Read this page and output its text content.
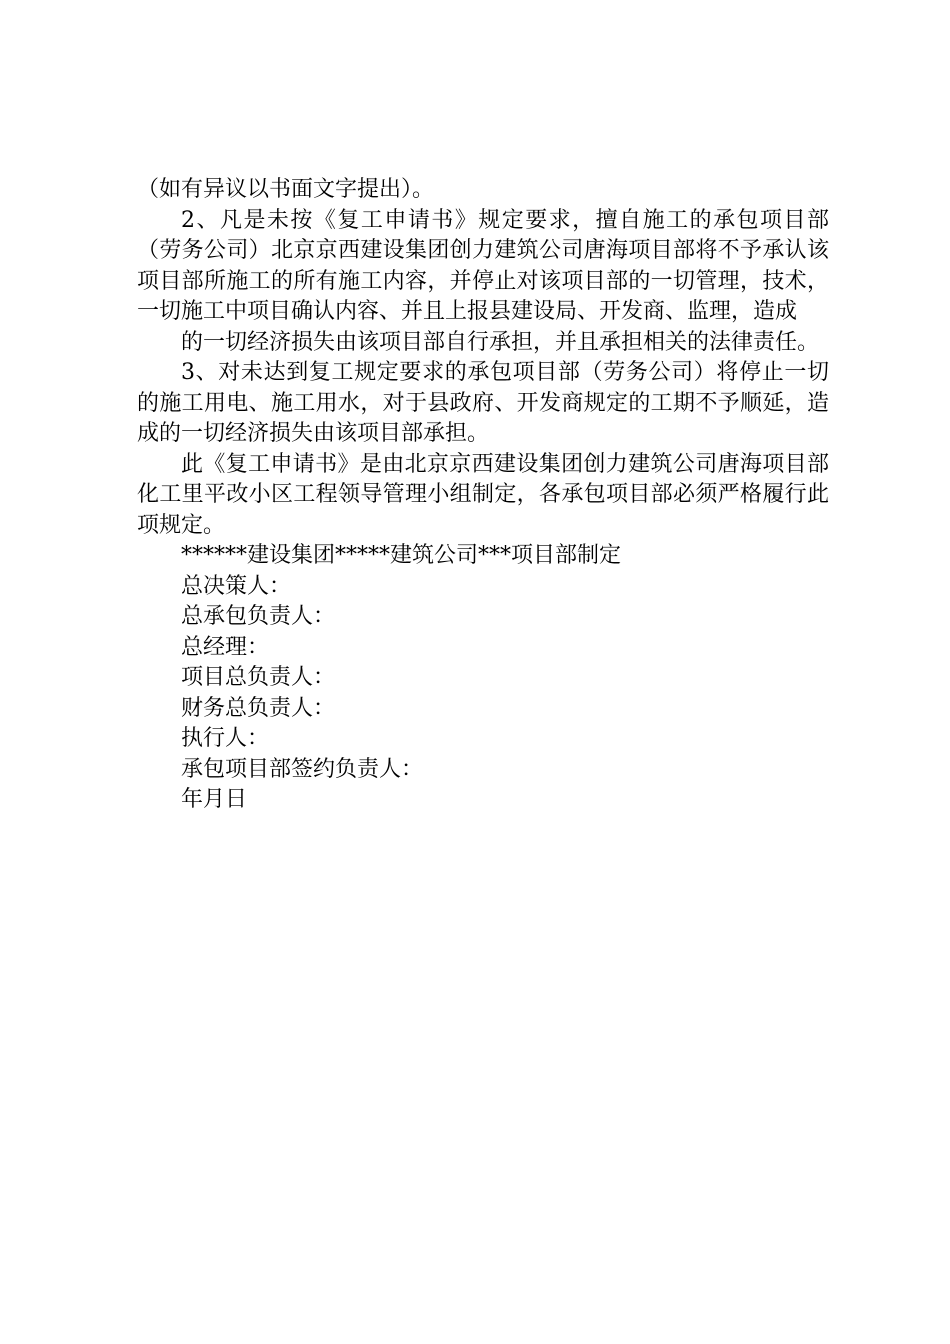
（如有异议以书面文字提出）。

2、凡是未按《复工申请书》规定要求，擅自施工的承包项目部（劳务公司）北京京西建设集团创力建筑公司唐海项目部将不予承认该项目部所施工的所有施工内容，并停止对该项目部的一切管理，技术，一切施工中项目确认内容、并且上报县建设局、开发商、监理，造成

的一切经济损失由该项目部自行承担，并且承担相关的法律责任。

3、对未达到复工规定要求的承包项目部（劳务公司）将停止一切的施工用电、施工用水，对于县政府、开发商规定的工期不予顺延，造成的一切经济损失由该项目部承担。

此《复工申请书》是由北京京西建设集团创力建筑公司唐海项目部化工里平改小区工程领导管理小组制定，各承包项目部必须严格履行此项规定。

******建设集团*****建筑公司***项目部制定

总决策人：

总承包负责人：

总经理：

项目总负责人：

财务总负责人：

执行人：

承包项目部签约负责人：

年月日
